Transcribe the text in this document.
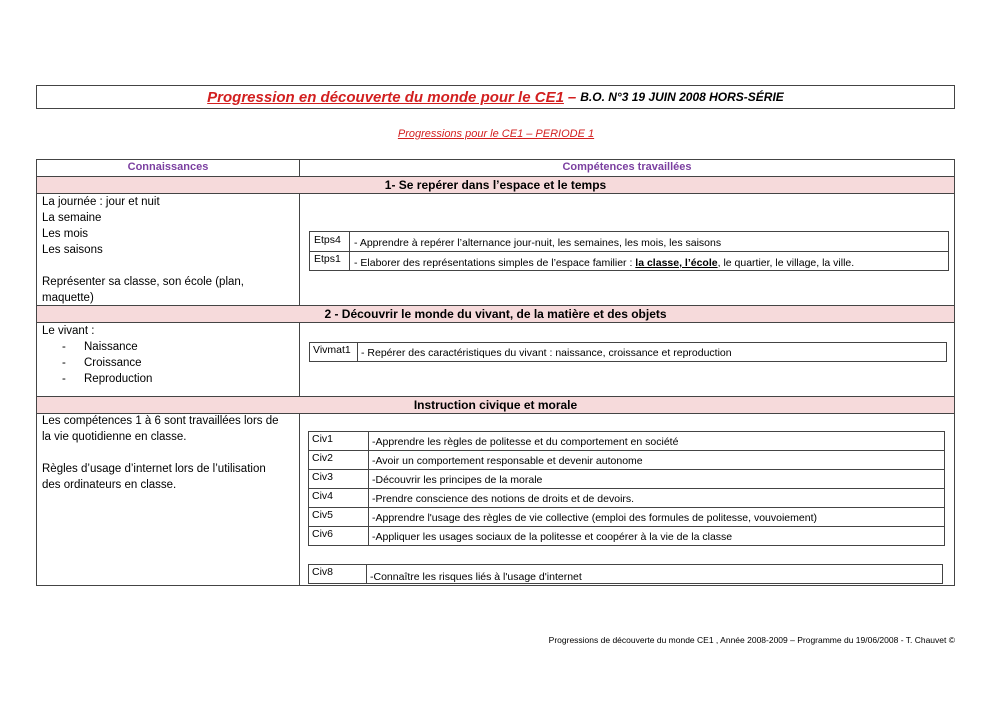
Progression en découverte du monde pour le CE1 – B.O. N°3 19 JUIN 2008 HORS-SÉRIE
Progressions pour le CE1 – PERIODE 1
Connaissances	Compétences travaillées
1- Se repérer dans l’espace et le temps
La journée : jour et nuit
La semaine
Les mois
Les saisons
Représenter sa classe, son école (plan,
maquette)
Etps4 - Apprendre à repérer l’alternance jour-nuit, les semaines, les mois, les saisons
Etps1 - Elaborer des représentations simples de l’espace familier : la classe, l’école, le quartier, le village, la ville.
2 - Découvrir le monde du vivant, de la matière et des objets
Le vivant :
- Naissance
- Croissance
- Reproduction
Vivmat1 - Repérer des caractéristiques du vivant : naissance, croissance et reproduction
Instruction civique et morale
Les compétences 1 à 6 sont travaillées lors de
la vie quotidienne en classe.
Règles d’usage d’internet lors de l’utilisation
des ordinateurs en classe.
Civ1	-Apprendre les règles de politesse et du comportement en société
Civ2	-Avoir un comportement responsable et devenir autonome
Civ3	-Découvrir les principes de la morale
Civ4	-Prendre conscience des notions de droits et de devoirs.
Civ5	-Apprendre l'usage des règles de vie collective (emploi des formules de politesse, vouvoiement)
Civ6	-Appliquer les usages sociaux de la politesse et coopérer à la vie de la classe
Civ8	-Connaître les risques liés à l'usage d'internet
Progressions de découverte du monde CE1 , Année 2008-2009 – Programme du 19/06/2008 - T. Chauvet ©
